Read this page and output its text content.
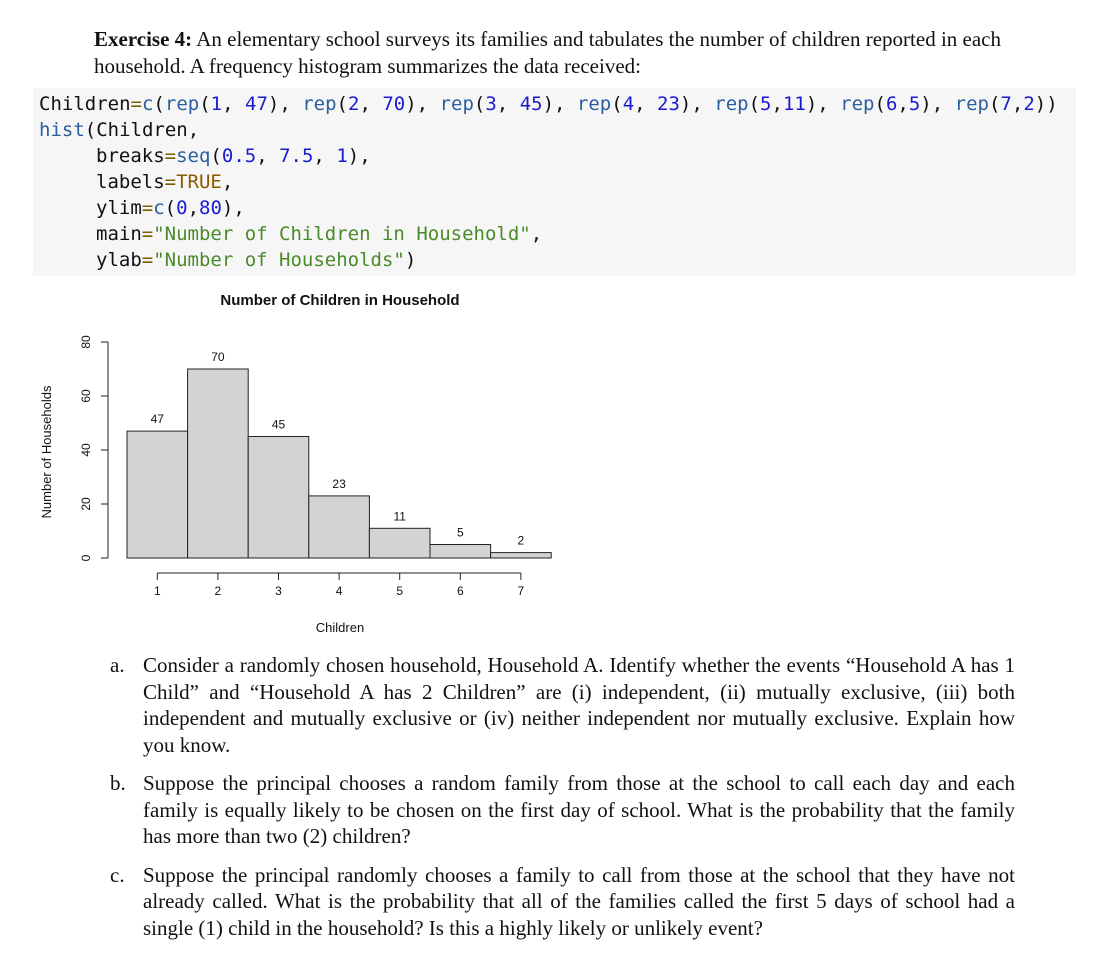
Exercise 4: An elementary school surveys its families and tabulates the number of children reported in each household. A frequency histogram summarizes the data received:
Children=c(rep(1, 47), rep(2, 70), rep(3, 45), rep(4, 23), rep(5,11), rep(6,5), rep(7,2))
hist(Children,
breaks=seq(0.5, 7.5, 1),
labels=TRUE,
ylim=c(0,80),
main="Number of Children in Household",
ylab="Number of Households")
Number of Children in Household
Number of Households
Children
47
70
45
23
11
5
2
0
20
40
60
80
1	2	3	4	5	6	7
a. Consider a randomly chosen household, Household A. Identify whether the events “Household A has 1 Child” and “Household A has 2 Children” are (i) independent, (ii) mutually exclusive, (iii) both independent and mutually exclusive or (iv) neither independent nor mutually exclusive. Explain how you know.
b. Suppose the principal chooses a random family from those at the school to call each day and each family is equally likely to be chosen on the first day of school. What is the probability that the family has more than two (2) children?
c. Suppose the principal randomly chooses a family to call from those at the school that they have not already called. What is the probability that all of the families called the first 5 days of school had a single (1) child in the household? Is this a highly likely or unlikely event?
